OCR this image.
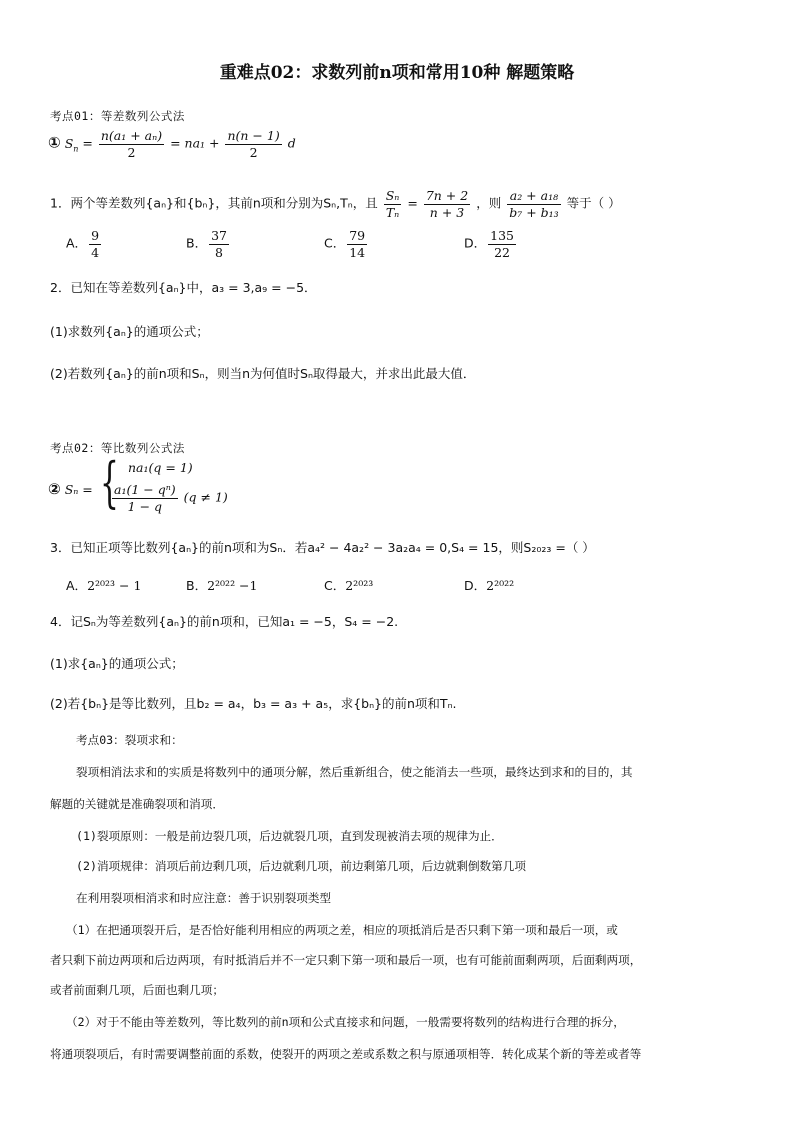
重难点02：求数列前n项和常用10种 解题策略
考点01：等差数列公式法
① $S_n = \frac{\text{n(a₁ + aₙ)}}{2} = na_1 + \frac{n(n - 1)}{2}$ d
1．两个等差数列{aₙ}和{bₙ}，其前n项和分别为Sₙ,Tₙ，且 $\frac{\text{Sₙ}}{\text{Tₙ}} = \frac{7n + 2}{n + 3}$ ，则 $\frac{\text{a₂ + a₁₈}}{\text{b₇ + b₁₃}}$ 等于（ ）
A． $\frac{9}{4}$	B． $\frac{37}{8}$	C． $\frac{79}{14}$	D． $\frac{135}{22}$
2．已知在等差数列{aₙ}中，a₃ = 3,a₉ = −5．
(1)求数列{aₙ}的通项公式；
(2)若数列{aₙ}的前n项和Sₙ，则当n为何值时Sₙ取得最大，并求出此最大值．
考点02：等比数列公式法
② Sₙ = { na₁(q = 1)
$\frac{\text{a₁(1 − qⁿ)}}{1 - q} (q \ne 1)$
3．已知正项等比数列{aₙ}的前n项和为Sₙ．若a₄² − 4a₂² − 3a₂a₄ = 0,S₄ = 15，则S₂₀₂₃ =（ ）
A．2²⁰²³ − 1	B．2²⁰²² −1	C．2²⁰²³	D．2²⁰²²
4．记Sₙ为等差数列{aₙ}的前n项和，已知a₁ = −5，S₄ = −2.
(1)求{aₙ}的通项公式；
(2)若{bₙ}是等比数列，且b₂ = a₄，b₃ = a₃ + a₅，求{bₙ}的前n项和Tₙ.
考点03：裂项求和：
裂项相消法求和的实质是将数列中的通项分解，然后重新组合，使之能消去一些项，最终达到求和的目的，其
解题的关键就是准确裂项和消项．
(1)裂项原则：一般是前边裂几项，后边就裂几项，直到发现被消去项的规律为止．
(2)消项规律：消项后前边剩几项，后边就剩几项，前边剩第几项，后边就剩倒数第几项
在利用裂项相消求和时应注意：善于识别裂项类型
（1）在把通项裂开后，是否恰好能利用相应的两项之差，相应的项抵消后是否只剩下第一项和最后一项，或
者只剩下前边两项和后边两项，有时抵消后并不一定只剩下第一项和最后一项，也有可能前面剩两项，后面剩两项，
或者前面剩几项，后面也剩几项；
（2）对于不能由等差数列，等比数列的前n项和公式直接求和问题，一般需要将数列的结构进行合理的拆分，
将通项裂项后，有时需要调整前面的系数，使裂开的两项之差或系数之积与原通项相等．转化成某个新的等差或者等
